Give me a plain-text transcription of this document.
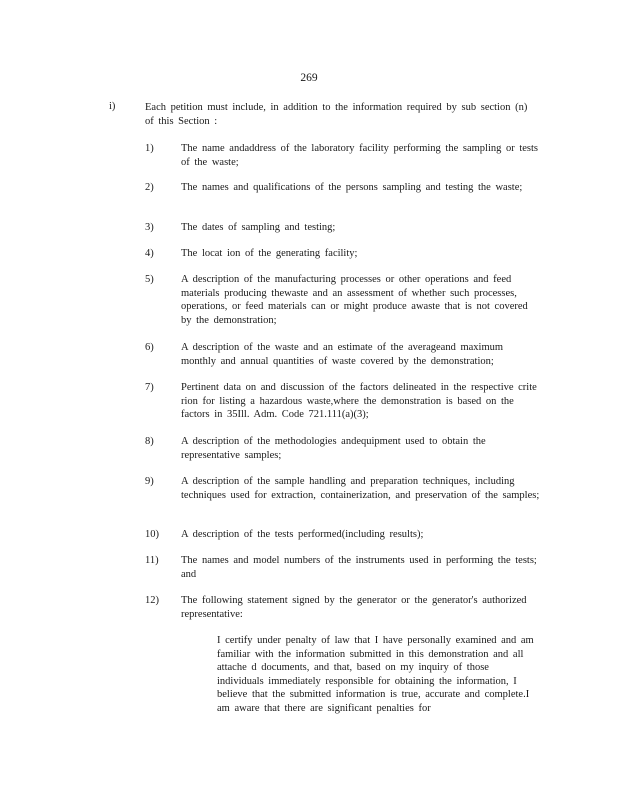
269
i)	Each petition must include, in addition to the information required by sub section (n) of this Section :
1)	The name andaddress of the laboratory facility performing the sampling or tests of the waste;
2)	The names and qualifications of the persons sampling and testing the waste;
3)	The dates of sampling and testing;
4)	The locat ion of the generating facility;
5)	A description of the manufacturing processes or other operations and feed materials producing thewaste and an assessment of whether such processes, operations, or feed materials can or might produce awaste that is not covered by the demonstration;
6)	A description of the waste and an estimate of the averageand maximum monthly and annual quantities of waste covered by the demonstration;
7)	Pertinent data on and discussion of the factors delineated in the respective crite rion for listing a hazardous waste,where the demonstration is based on the factors in 35Ill. Adm. Code 721.111(a)(3);
8)	A description of the methodologies andequipment used to obtain the representative samples;
9)	A description of the sample handling and preparation techniques, including techniques used for extraction, containerization, and preservation of the samples;
10) A description of the tests performed(including results);
11) The names and model numbers of the instruments used in performing the tests; and
12) The following statement signed by the generator or the generator's authorized representative:
I certify under penalty of law that I have personally examined and am familiar with the information submitted in this demonstration and all attache d documents, and that, based on my inquiry of those individuals immediately responsible for obtaining the information, I believe that the submitted information is true, accurate and complete.I am aware that there are significant penalties for
